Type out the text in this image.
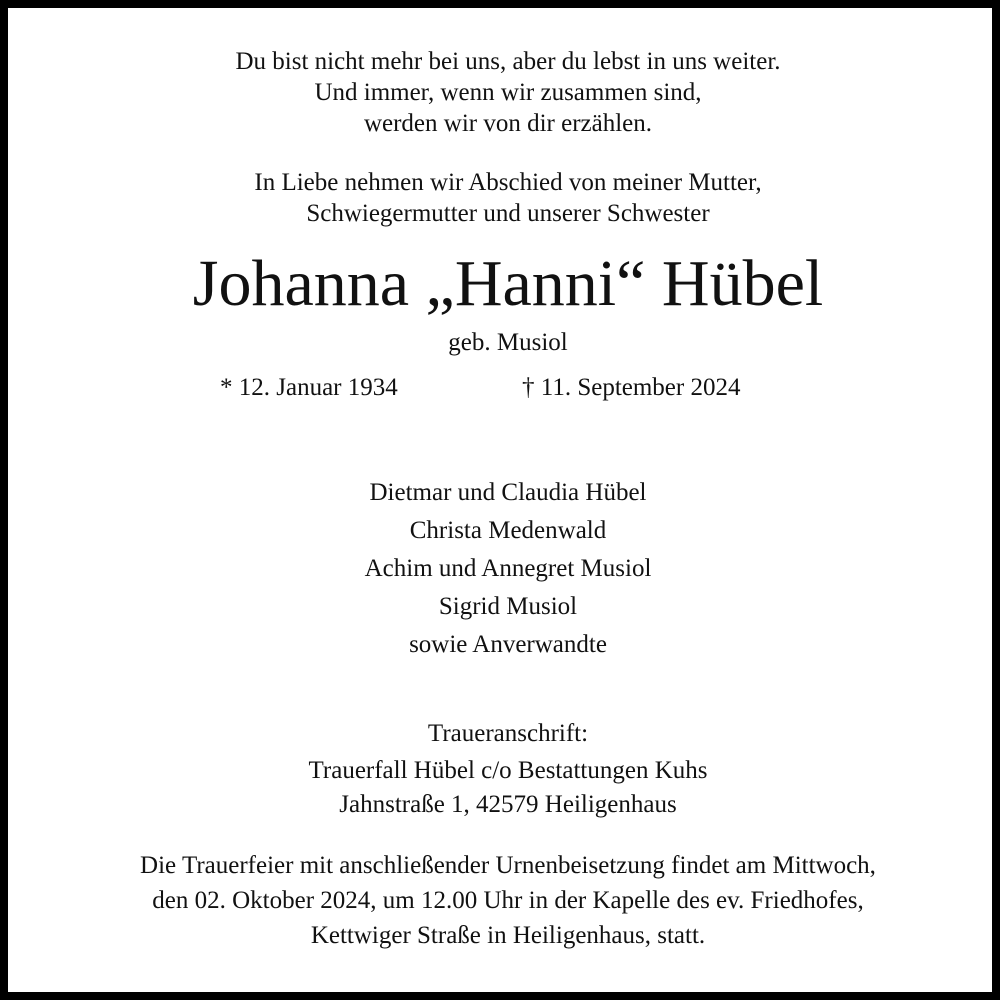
Du bist nicht mehr bei uns, aber du lebst in uns weiter.
Und immer, wenn wir zusammen sind,
werden wir von dir erzählen.
In Liebe nehmen wir Abschied von meiner Mutter,
Schwiegermutter und unserer Schwester
Johanna „Hanni“ Hübel
geb. Musiol
* 12. Januar 1934	† 11. September 2024
Dietmar und Claudia Hübel
Christa Medenwald
Achim und Annegret Musiol
Sigrid Musiol
sowie Anverwandte
Traueranschrift:
Trauerfall Hübel c/o Bestattungen Kuhs
Jahnstraße 1, 42579 Heiligenhaus
Die Trauerfeier mit anschließender Urnenbeisetzung findet am Mittwoch,
den 02. Oktober 2024, um 12.00 Uhr in der Kapelle des ev. Friedhofes,
Kettwiger Straße in Heiligenhaus, statt.
